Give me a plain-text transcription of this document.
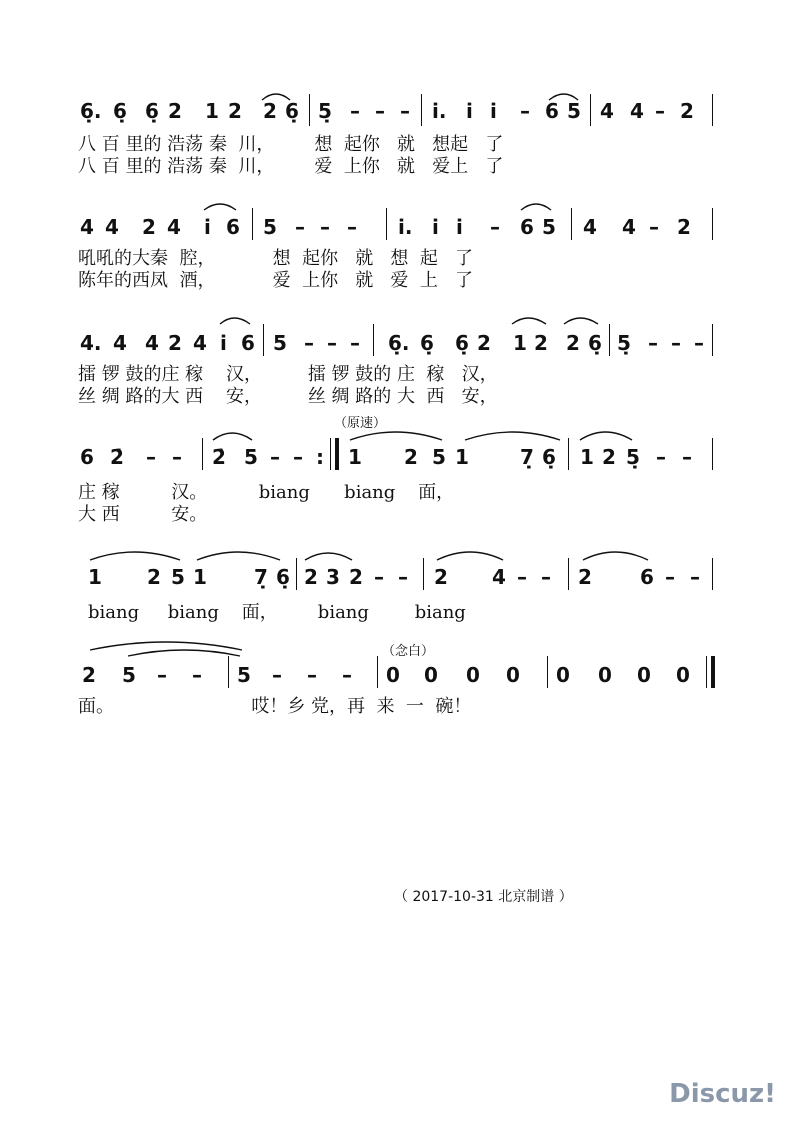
6̣. 6̣ 6̣ 2 1 2 2 6̣ 5̣ – – – i̇. i̇ i̇ – 6 5 4 4 – 2
八 百 里的 浩荡 秦  川，       想  起你   就   想起   了
八 百 里的 浩荡 秦  川，       爱  上你   就   爱上   了
4 4 2 4 i̇ 6 5 – – – i̇. i̇ i̇ – 6 5 4 4 – 2
吼吼的大秦  腔，          想  起你   就   想  起   了
陈年的西凤  酒，          爱  上你   就   爱  上   了
4. 4 4 2 4 i̇ 6 5 – – – 6̣. 6̣ 6̣ 2 1 2 2 6̣ 5̣ – – –
擂 锣 鼓的庄 稼    汉，        擂 锣 鼓的 庄  稼   汉，
丝 绸 路的大 西    安，        丝 绸 路的 大  西   安，
（原速）
6 2̇ – – 2̇ 5 – – : 1 2 5 1	7̣ 6̣ 1 2 5̣ – –
庄 稼         汉。         biang      biang    面，
大 西         安。
1 2 5 1 7̣ 6̣ 2 3 2 – – 2 4 – – 2 6 – –
biang     biang    面，       biang        biang
（念白）
2 5 – – 5 – – – 0 0 0 0 0 0 0 0
面。                        哎！乡 党，再  来  一  碗！
（ 2017-10-31 北京制谱 ）
Discuz!
